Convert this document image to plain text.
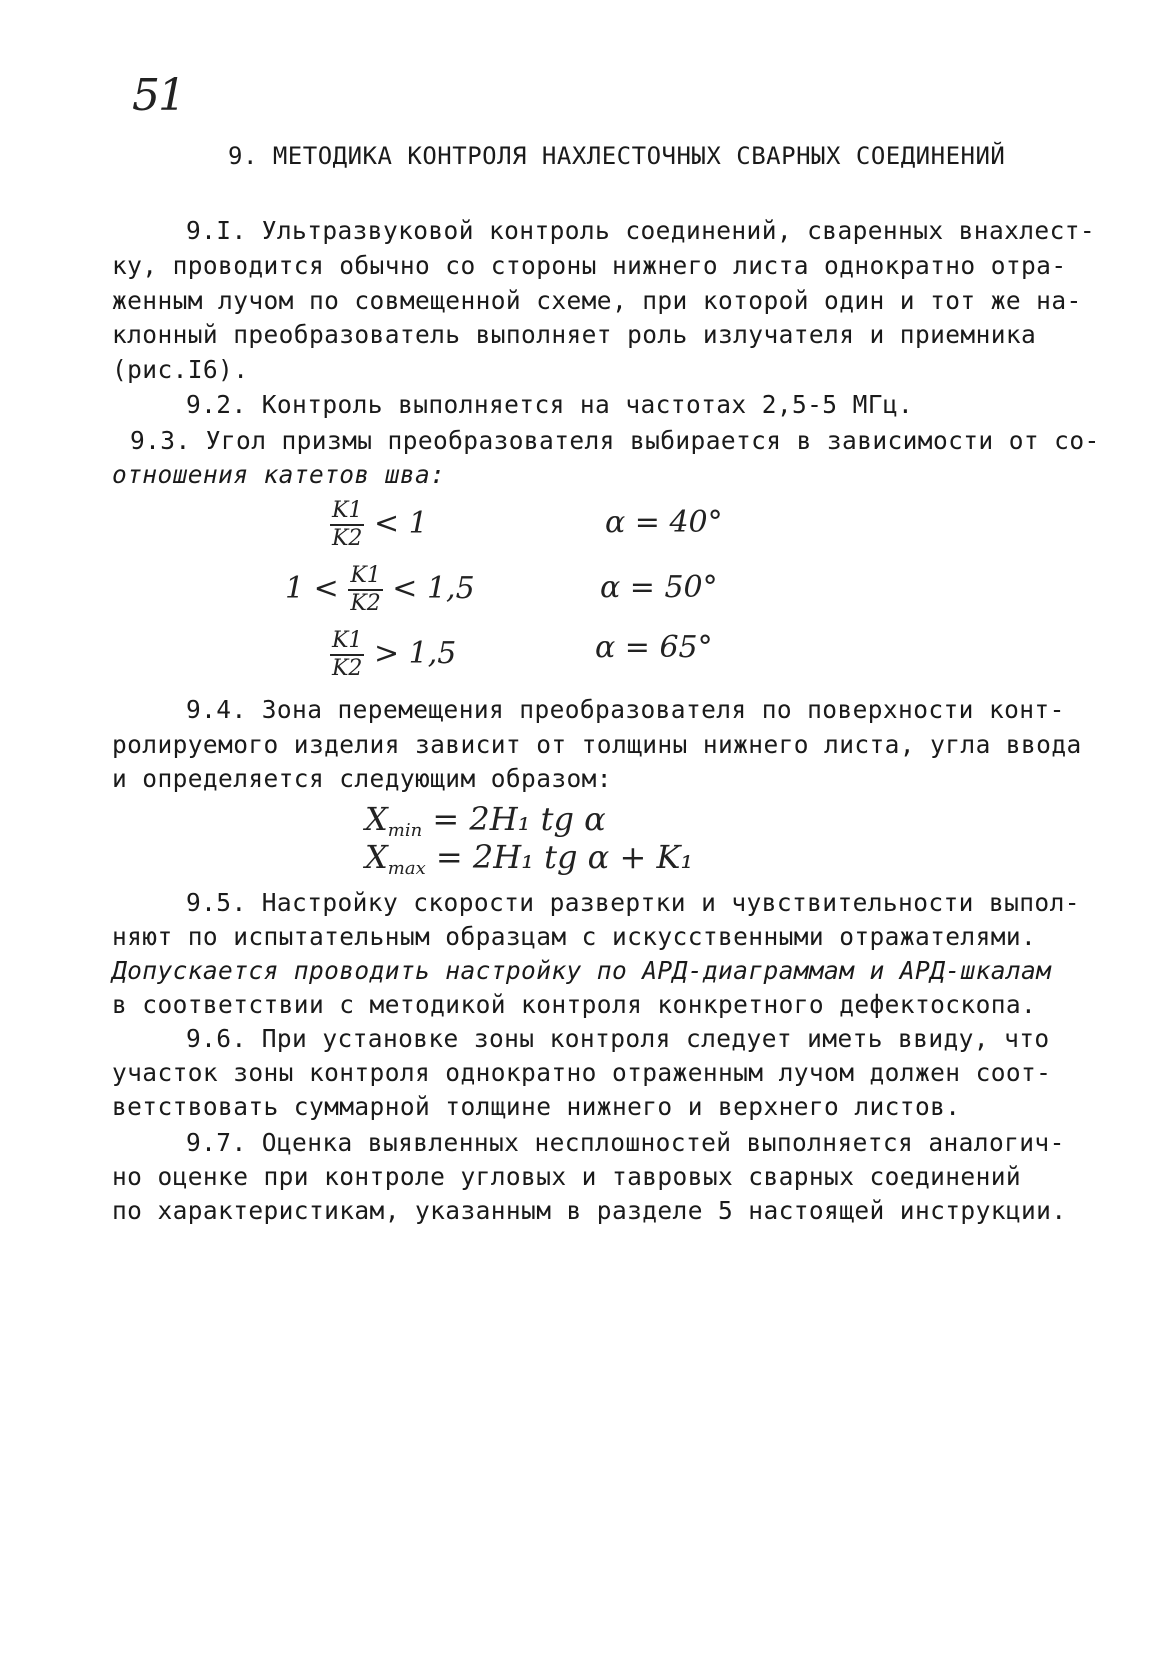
51
9. МЕТОДИКА КОНТРОЛЯ НАХЛЕСТОЧНЫХ СВАРНЫХ СОЕДИНЕНИЙ
9.I. Ультразвуковой контроль соединений, сваренных внахлест-
ку, проводится обычно со стороны нижнего листа однократно отра-
женным лучом по совмещенной схеме, при которой один и тот же на-
клонный преобразователь выполняет роль излучателя и приемника
(рис.I6).
9.2. Контроль выполняется на частотах 2,5-5 МГц.
9.3. Угол призмы преобразователя выбирается в зависимости от со-
отношения катетов шва:
$\frac{K1}{K2} < 1$	α = 40°
$1 < \frac{K1}{K2} < 1,5$	α = 50°
$\frac{K1}{K2} > 1,5$	α = 65°
9.4. Зона перемещения преобразователя по поверхности конт-
ролируемого изделия зависит от толщины нижнего листа, угла ввода
и определяется следующим образом:
$X_{min} = 2H_1$ tg α
$X_{max} = 2H_1$ tg α + K₁
9.5. Настройку скорости развертки и чувствительности выпол-
няют по испытательным образцам с искусственными отражателями.
Допускается проводить настройку по АРД-диаграммам и АРД-шкалам
в соответствии с методикой контроля конкретного дефектоскопа.
9.6. При установке зоны контроля следует иметь ввиду, что
участок зоны контроля однократно отраженным лучом должен соот-
ветствовать суммарной толщине нижнего и верхнего листов.
9.7. Оценка выявленных несплошностей выполняется аналогич-
но оценке при контроле угловых и тавровых сварных соединений
по характеристикам, указанным в разделе 5 настоящей инструкции.
